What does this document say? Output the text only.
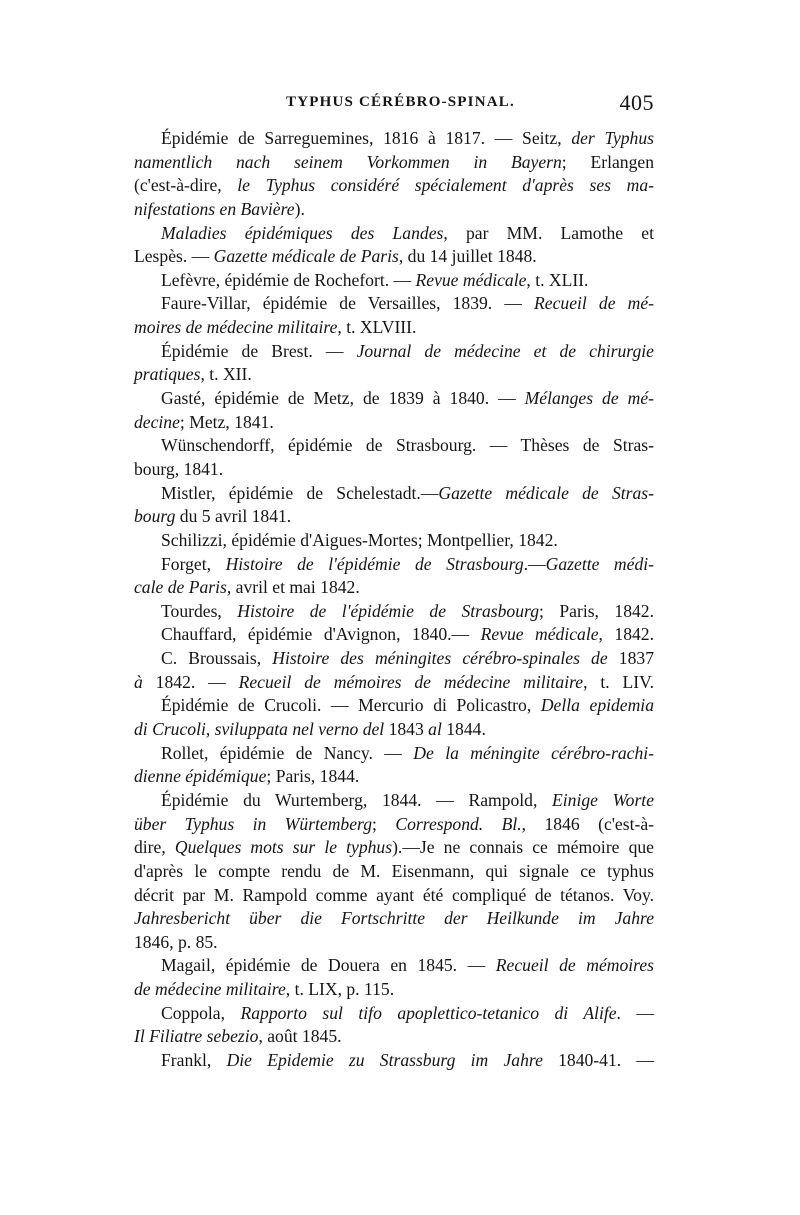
TYPHUS CÉRÉBRO-SPINAL.	405
Épidémie de Sarreguemines, 1816 à 1817. — Seitz, der Typhus
namentlich nach seinem Vorkommen in Bayern; Erlangen
(c'est-à-dire, le Typhus considéré spécialement d'après ses ma-
nifestations en Bavière).
Maladies épidémiques des Landes, par MM. Lamothe et
Lespès. — Gazette médicale de Paris, du 14 juillet 1848.
Lefèvre, épidémie de Rochefort. — Revue médicale, t. XLII.
Faure-Villar, épidémie de Versailles, 1839. — Recueil de mé-
moires de médecine militaire, t. XLVIII.
Épidémie de Brest. — Journal de médecine et de chirurgie
pratiques, t. XII.
Gasté, épidémie de Metz, de 1839 à 1840. — Mélanges de mé-
decine; Metz, 1841.
Wünschendorff, épidémie de Strasbourg. — Thèses de Stras-
bourg, 1841.
Mistler, épidémie de Schelestadt.—Gazette médicale de Stras-
bourg du 5 avril 1841.
Schilizzi, épidémie d'Aigues-Mortes; Montpellier, 1842.
Forget, Histoire de l'épidémie de Strasbourg.—Gazette médi-
cale de Paris, avril et mai 1842.
Tourdes, Histoire de l'épidémie de Strasbourg; Paris, 1842.
Chauffard, épidémie d'Avignon, 1840.— Revue médicale, 1842.
C. Broussais, Histoire des méningites cérébro-spinales de 1837
à 1842. — Recueil de mémoires de médecine militaire, t. LIV.
Épidémie de Crucoli. — Mercurio di Policastro, Della epidemia
di Crucoli, sviluppata nel verno del 1843 al 1844.
Rollet, épidémie de Nancy. — De la méningite cérébro-rachi-
dienne épidémique; Paris, 1844.
Épidémie du Wurtemberg, 1844. — Rampold, Einige Worte
über Typhus in Würtemberg; Correspond. Bl., 1846 (c'est-à-
dire, Quelques mots sur le typhus).—Je ne connais ce mémoire que
d'après le compte rendu de M. Eisenmann, qui signale ce typhus
décrit par M. Rampold comme ayant été compliqué de tétanos. Voy.
Jahresbericht über die Fortschritte der Heilkunde im Jahre
1846, p. 85.
Magail, épidémie de Douera en 1845. — Recueil de mémoires
de médecine militaire, t. LIX, p. 115.
Coppola, Rapporto sul tifo apoplettico-tetanico di Alife. —
Il Filiatre sebezio, août 1845.
Frankl, Die Epidemie zu Strassburg im Jahre 1840-41. —
